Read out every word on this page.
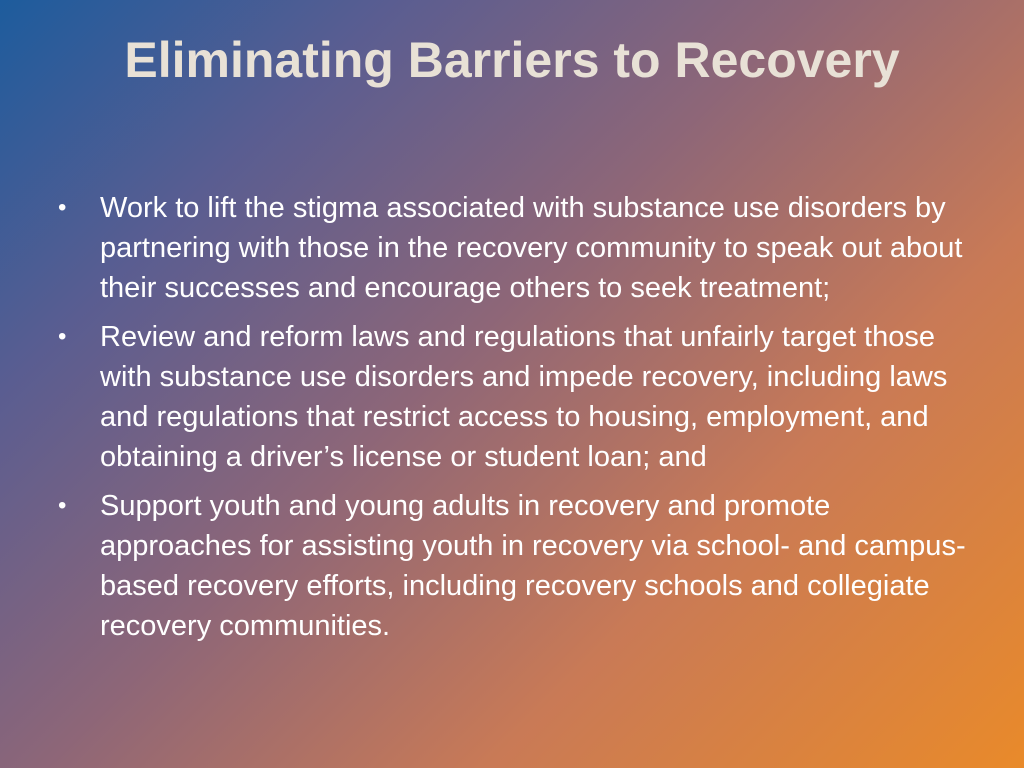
Eliminating Barriers to Recovery
•	Work to lift the stigma associated with substance use disorders by partnering with those in the recovery community to speak out about their successes and encourage others to seek treatment;
•	Review and reform laws and regulations that unfairly target those with substance use disorders and impede recovery, including laws and regulations that restrict access to housing, employment, and obtaining a driver’s license or student loan; and
•	Support youth and young adults in recovery and promote approaches for assisting youth in recovery via school- and campus-based recovery efforts, including recovery schools and collegiate recovery communities.
